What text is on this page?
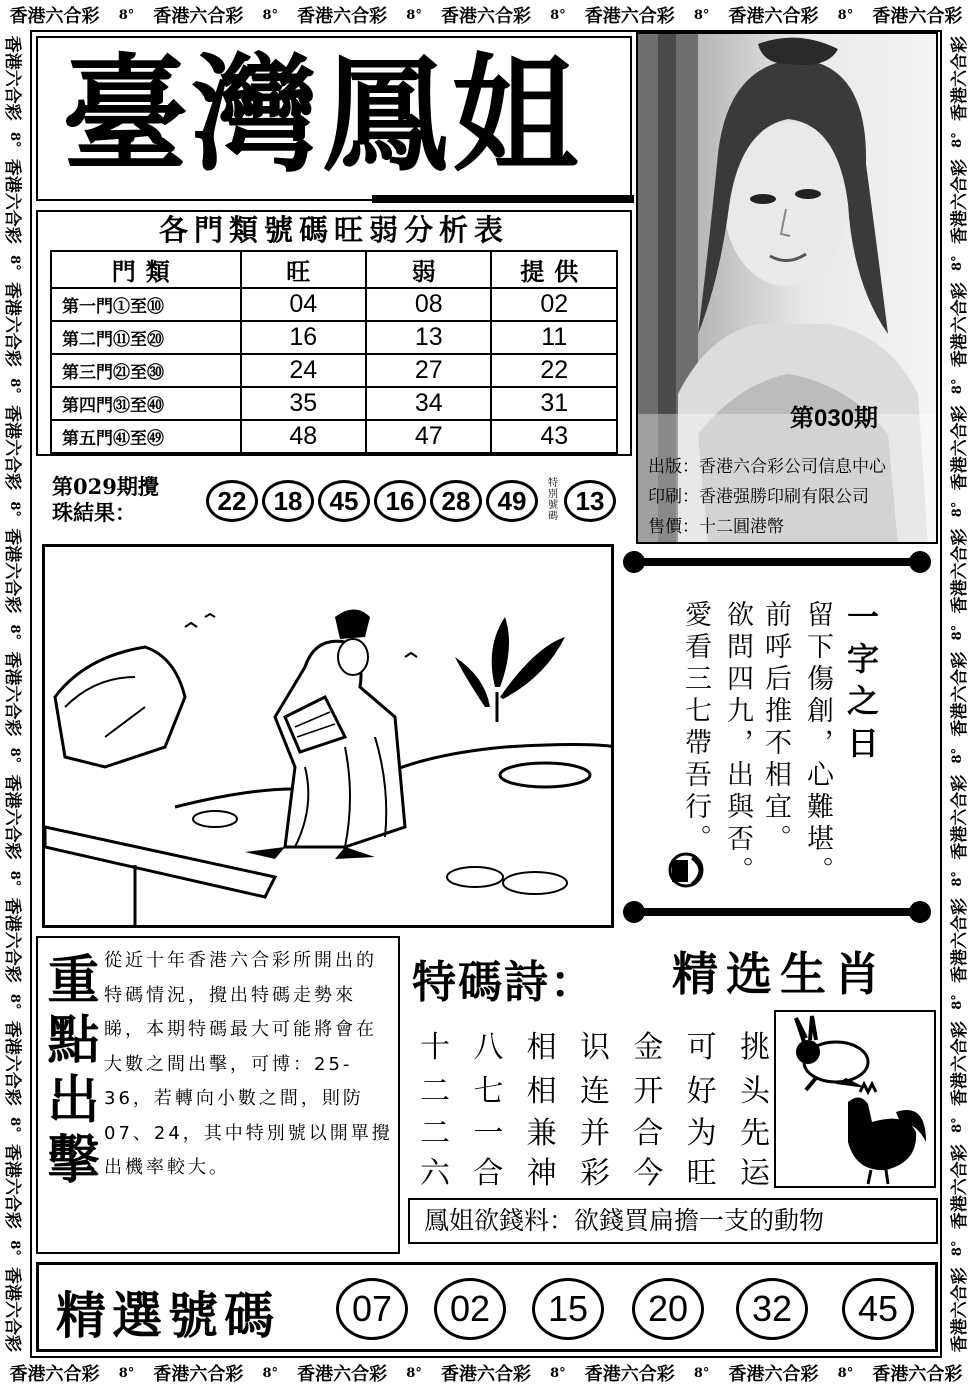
香港六合彩 8° 香港六合彩 8° 香港六合彩 8° 香港六合彩 8° 香港六合彩 8° 香港六合彩 8° 香港六合彩
香港六合彩 8° 香港六合彩 8° 香港六合彩 8° 香港六合彩 8° 香港六合彩 8° 香港六合彩 8° 香港六合彩
香港六合彩
8°
香港六合彩
8°
香港六合彩
8°
香港六合彩
8°
香港六合彩
8°
香港六合彩
8°
香港六合彩
8°
香港六合彩
8°
香港六合彩
8°
香港六合彩
8°
香港六合彩	香港六合彩
8°
香港六合彩
8°
香港六合彩
8°
香港六合彩
8°
香港六合彩
8°
香港六合彩
8°
香港六合彩
8°
香港六合彩
8°
香港六合彩
8°
香港六合彩
8°
香港六合彩
臺灣鳳姐
各門類號碼旺弱分析表
門類	旺	弱	提供
第一門①至⑩	04	08	02
第二門⑪至⑳	16	13	11
第三門㉑至㉚	24	27	22
第四門㉛至㊵	35	34	31
第五門㊶至㊾	48	47	43
第030期
出版：香港六合彩公司信息中心
印刷：香港强勝印刷有限公司
售價：十二圓港幣
第029期攪
珠結果：	22	18	45	16	28	49
特別號碼
13
一字之日
留下傷創，心難堪。
前呼后推不相宜。
欲問四九，出與否。
愛看三七帶吾行。
重點出擊 從近十年香港六合彩所開出的特碼情況，攪出特碼走勢來睇，本期特碼最大可能將會在大數之間出擊，可博：25-36，若轉向小數之間，則防07、24，其中特別號以開單攪出機率較大。
特碼詩： 精选生肖
十 八 相 识 金 可 挑
二 七 相 连 开 好 头
二 一 兼 并 合 为 先
六 合 神 彩 今 旺 运
鳳姐欲錢料：欲錢買扁擔一支的動物
精選號碼	07	02	15	20	32	45
